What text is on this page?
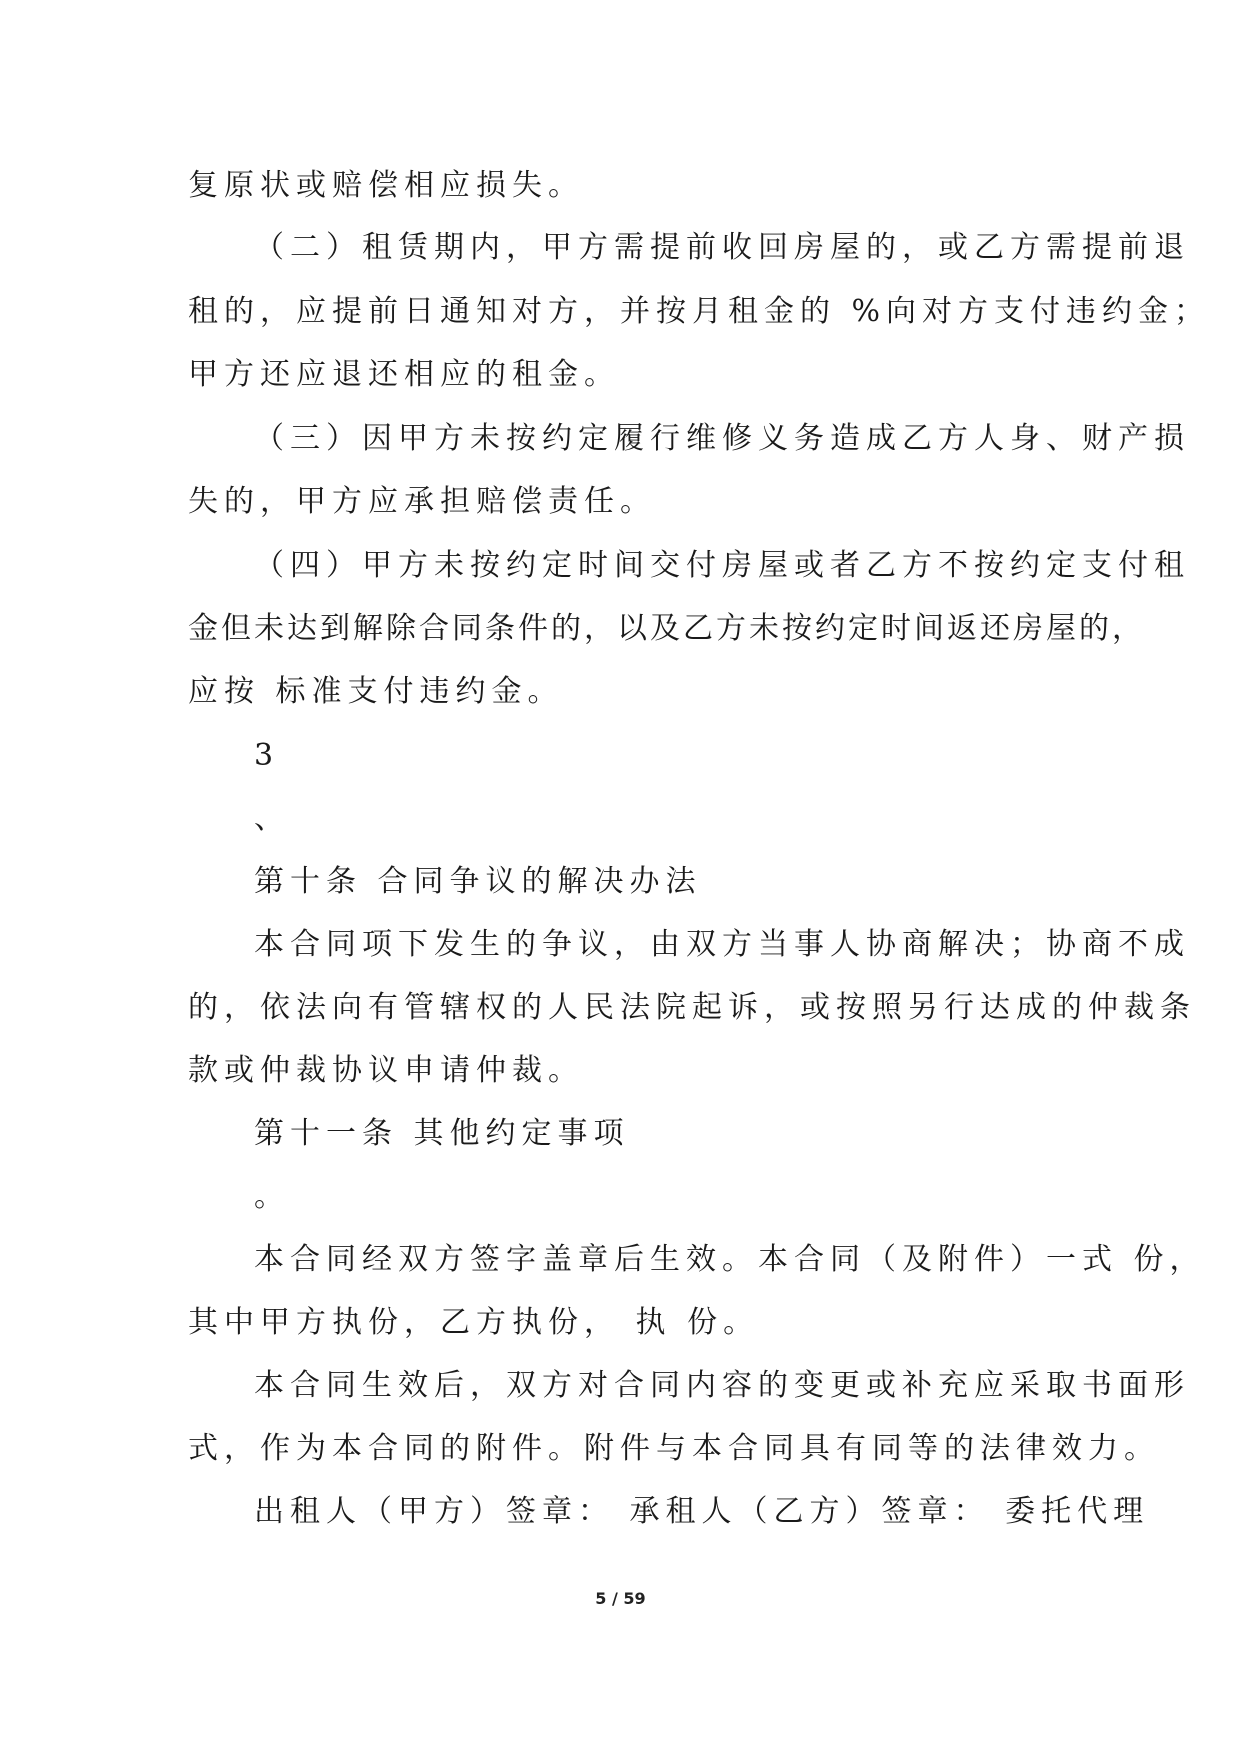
复原状或赔偿相应损失。
（二）租赁期内，甲方需提前收回房屋的，或乙方需提前退
租的，应提前日通知对方，并按月租金的 %向对方支付违约金；
甲方还应退还相应的租金。
（三）因甲方未按约定履行维修义务造成乙方人身、财产损
失的，甲方应承担赔偿责任。
（四）甲方未按约定时间交付房屋或者乙方不按约定支付租
金但未达到解除合同条件的，以及乙方未按约定时间返还房屋的，
应按 标准支付违约金。
3
、
第十条 合同争议的解决办法
本合同项下发生的争议，由双方当事人协商解决；协商不成
的，依法向有管辖权的人民法院起诉，或按照另行达成的仲裁条
款或仲裁协议申请仲裁。
第十一条 其他约定事项
。
本合同经双方签字盖章后生效。本合同（及附件）一式 份，
其中甲方执份，乙方执份， 执 份。
本合同生效后，双方对合同内容的变更或补充应采取书面形
式，作为本合同的附件。附件与本合同具有同等的法律效力。
出租人（甲方）签章： 承租人（乙方）签章： 委托代理
5 / 59
